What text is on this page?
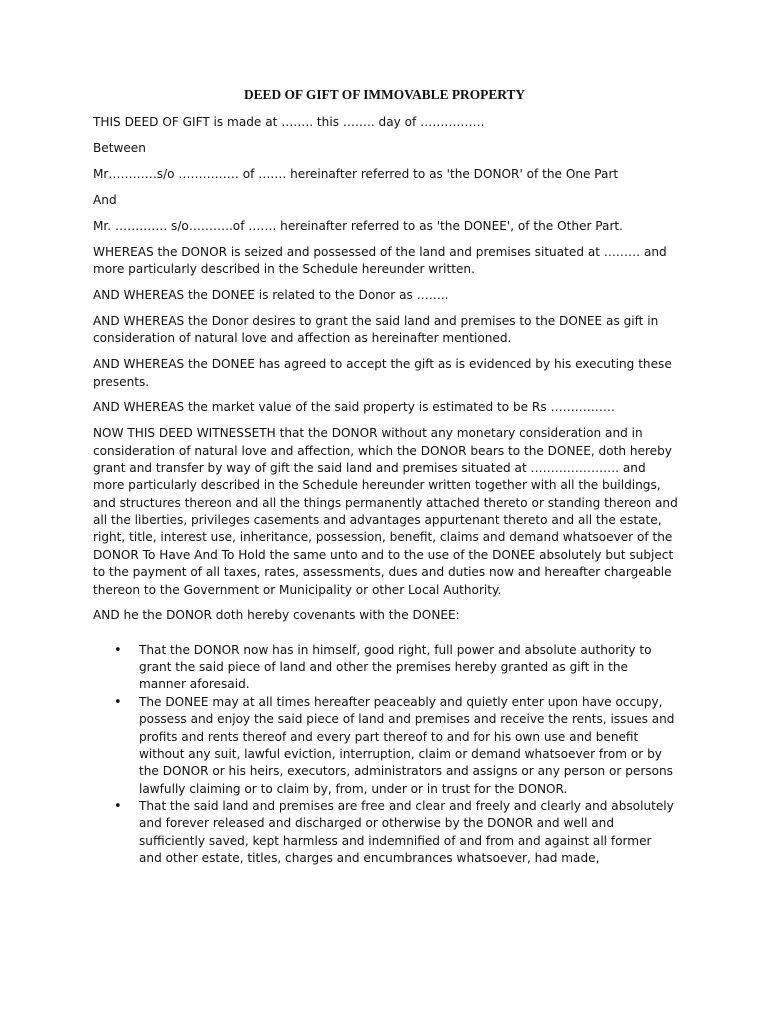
DEED OF GIFT OF IMMOVABLE PROPERTY

THIS DEED OF GIFT is made at …….. this …….. day of …………….

Between

Mr…………s/o …………… of ……. hereinafter referred to as 'the DONOR' of the One Part

And

Mr. …………. s/o………..of ……. hereinafter referred to as 'the DONEE', of the Other Part.

WHEREAS the DONOR is seized and possessed of the land and premises situated at ……… and more particularly described in the Schedule hereunder written.

AND WHEREAS the DONEE is related to the Donor as ……..

AND WHEREAS the Donor desires to grant the said land and premises to the DONEE as gift in consideration of natural love and affection as hereinafter mentioned.

AND WHEREAS the DONEE has agreed to accept the gift as is evidenced by his executing these presents.

AND WHEREAS the market value of the said property is estimated to be Rs …………….

NOW THIS DEED WITNESSETH that the DONOR without any monetary consideration and in consideration of natural love and affection, which the DONOR bears to the DONEE, doth hereby grant and transfer by way of gift the said land and premises situated at …………………. and more particularly described in the Schedule hereunder written together with all the buildings, and structures thereon and all the things permanently attached thereto or standing thereon and all the liberties, privileges casements and advantages appurtenant thereto and all the estate, right, title, interest use, inheritance, possession, benefit, claims and demand whatsoever of the DONOR To Have And To Hold the same unto and to the use of the DONEE absolutely but subject to the payment of all taxes, rates, assessments, dues and duties now and hereafter chargeable thereon to the Government or Municipality or other Local Authority.

AND he the DONOR doth hereby covenants with the DONEE:

• That the DONOR now has in himself, good right, full power and absolute authority to grant the said piece of land and other the premises hereby granted as gift in the manner aforesaid.
• The DONEE may at all times hereafter peaceably and quietly enter upon have occupy, possess and enjoy the said piece of land and premises and receive the rents, issues and profits and rents thereof and every part thereof to and for his own use and benefit without any suit, lawful eviction, interruption, claim or demand whatsoever from or by the DONOR or his heirs, executors, administrators and assigns or any person or persons lawfully claiming or to claim by, from, under or in trust for the DONOR.
• That the said land and premises are free and clear and freely and clearly and absolutely and forever released and discharged or otherwise by the DONOR and well and sufficiently saved, kept harmless and indemnified of and from and against all former and other estate, titles, charges and encumbrances whatsoever, had made,
